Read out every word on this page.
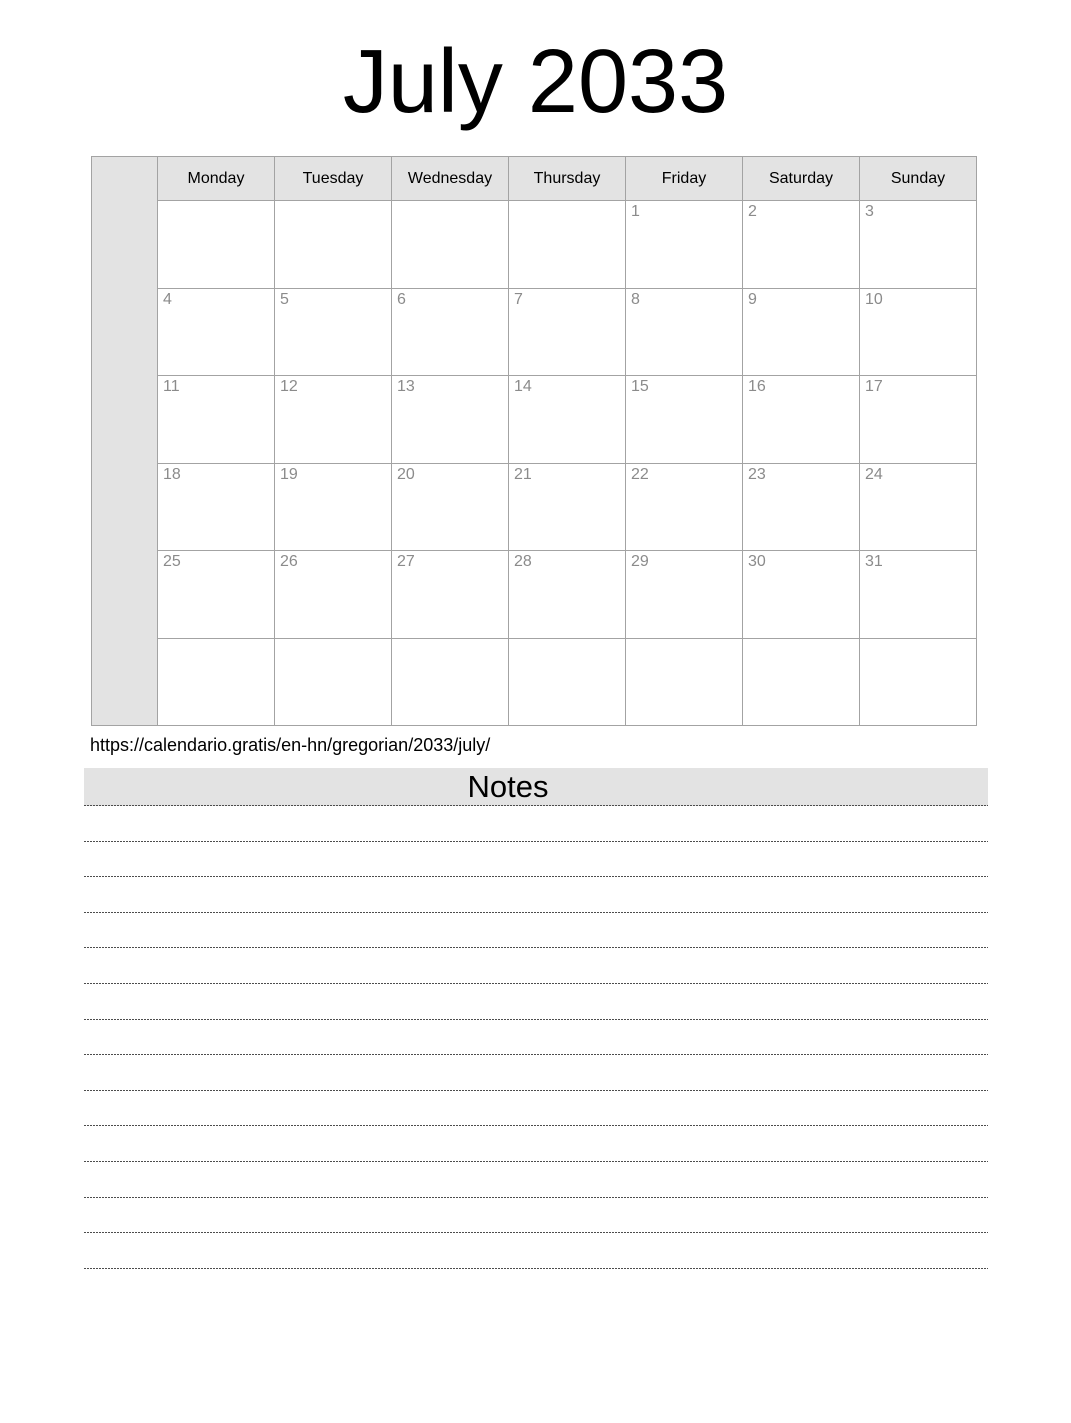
July 2033
	Monday	Tuesday	Wednesday	Thursday	Friday	Saturday	Sunday
					1	2	3
	4	5	6	7	8	9	10
	11	12	13	14	15	16	17
	18	19	20	21	22	23	24
	25	26	27	28	29	30	31

https://calendario.gratis/en-hn/gregorian/2033/july/

Notes
